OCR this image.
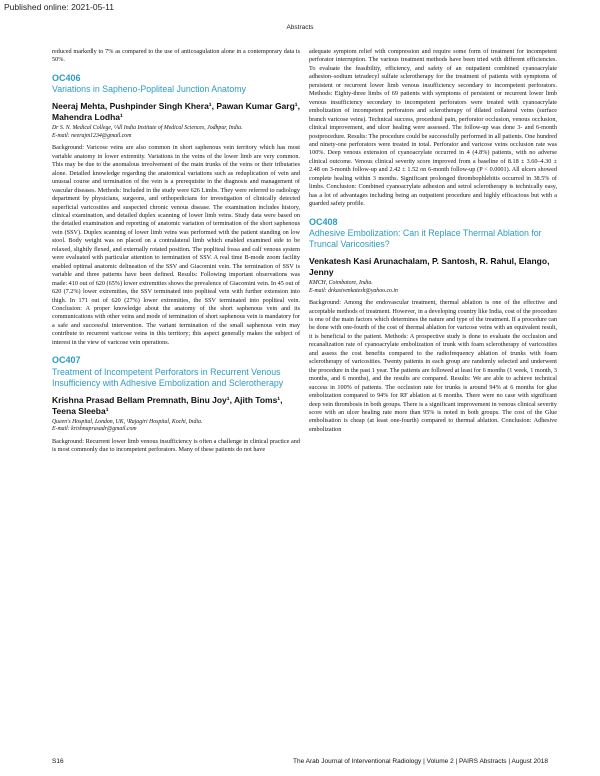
Published online: 2021-05-11
Abstracts

reduced markedly to 7% as compared to the use of anticoagulation alone in a contemporary data is 50%.

OC406
Variations in Sapheno-Popliteal Junction Anatomy
Neeraj Mehta, Pushpinder Singh Khera¹, Pawan Kumar Garg¹, Mahendra Lodha¹
Dr S. N. Medical College, ¹All India Institute of Medical Sciences, Jodhpur, India.
E-mail: neerajm1234@gmail.com

Background: Varicose veins are also common in short saphenous vein territory which has most variable anatomy in lower extremity. Variations in the veins of the lower limb are very common. This may be due to the anomalous involvement of the main trunks of the veins or their tributaries alone. Detailed knowledge regarding the anatomical variations such as reduplication of vein and unusual course and termination of the vein is a prerequisite in the diagnosis and management of vascular diseases. Methods: Included in the study were 626 Limbs. They were referred to radiology department by physicians, surgeons, and orthopedicians for investigation of clinically detected superficial varicosities and suspected chronic venous disease. The examination includes history, clinical examination, and detailed duplex scanning of lower limb veins. Study data were based on the detailed examination and reporting of anatomic variation of termination of the short saphenous vein (SSV). Duplex scanning of lower limb veins was performed with the patient standing on low stool. Body weight was on placed on a contralateral limb which enabled examined side to be relaxed, slightly flexed, and externally rotated position. The popliteal fossa and calf venous system were evaluated with particular attention to termination of SSV. A real time B-mode zoom facility enabled optimal anatomic delineation of the SSV and Giacomini vein. The termination of SSV is variable and three patterns have been defined. Results: Following important observations was made: 410 out of 620 (65%) lower extremities shows the prevalence of Giacomini vein. In 45 out of 620 (7.2%) lower extremities, the SSV terminated into popliteal vein with further extension into thigh. In 171 out of 620 (27%) lower extremities, the SSV terminated into popliteal vein. Conclusion: A proper knowledge about the anatomy of the short saphenous vein and its communications with other veins and mode of termination of short saphenous vein is mandatory for a safe and successful intervention. The variant termination of the small saphenous vein may contribute to recurrent varicose veins in this territory; this aspect generally makes the subject of interest in the view of varicose vein operations.

OC407
Treatment of Incompetent Perforators in Recurrent Venous Insufficiency with Adhesive Embolization and Sclerotherapy
Krishna Prasad Bellam Premnath, Binu Joy¹, Ajith Toms¹, Teena Sleeba¹
Queen's Hospital, London, UK, ¹Rajagiri Hospital, Kochi, India.
E-mail: krishnaprasadr@gmail.com

Background: Recurrent lower limb venous insufficiency is often a challenge in clinical practice and is most commonly due to incompetent perforators. Many of these patients do not have

adequate symptom relief with compression and require some form of treatment for incompetent perforator interruption. The various treatment methods have been tried with different efficiencies. To evaluate the feasibility, efficiency, and safety of an outpatient combined cyanoacrylate adhesion–sodium tetradecyl sulfate sclerotherapy for the treatment of patients with symptoms of persistent or recurrent lower limb venous insufficiency secondary to incompetent perforators. Methods: Eighty-three limbs of 69 patients with symptoms of persistent or recurrent lower limb venous insufficiency secondary to incompetent perforators were treated with cyanoacrylate embolization of incompetent perforators and sclerotherapy of dilated collateral veins (surface branch varicose veins). Technical success, procedural pain, perforator occlusion, venous occlusion, clinical improvement, and ulcer healing were assessed. The follow-up was done 3- and 6-month postprocedure. Results: The procedure could be successfully performed in all patients. One hundred and ninety-one perforators were treated in total. Perforator and varicose veins occlusion rate was 100%. Deep venous extension of cyanoacrylate occurred in 4 (4.8%) patients, with no adverse clinical outcome. Venous clinical severity score improved from a baseline of 8.18 ± 3.60–4.30 ± 2.48 on 3-month follow-up and 2.42 ± 1.52 on 6-month follow-up (P < 0.0001). All ulcers showed complete healing within 3 months. Significant prolonged thrombophlebitis occurred in 38.5% of limbs. Conclusion: Combined cyanoacrylate adhesion and setrol sclerotherapy is technically easy, has a lot of advantages including being an outpatient procedure and highly efficacious but with a guarded safety profile.

OC408
Adhesive Embolization: Can it Replace Thermal Ablation for Truncal Varicosities?
Venkatesh Kasi Arunachalam, P. Santosh, R. Rahul, Elango, Jenny
KMCH, Coimbatore, India.
E-mail: drkasivenkatesh@yahoo.co.in

Background: Among the endovascular treatment, thermal ablation is one of the effective and acceptable methods of treatment. However, in a developing country like India, cost of the procedure is one of the main factors which determines the nature and type of the treatment. If a procedure can be done with one-fourth of the cost of thermal ablation for varicose veins with an equivalent result, it is beneficial to the patient. Methods: A prospective study is done to evaluate the occlusion and recanalization rate of cyanoacrylate embolization of trunk with foam sclerotherapy of varicosities and assess the cost benefits compared to the radiofrequency ablation of trunks with foam sclerotherapy of varicosities. Twenty patients in each group are randomly selected and underwent the procedure in the past 1 year. The patients are followed at least for 6 months (1 week, 1 month, 3 months, and 6 months), and the results are compared. Results: We are able to achieve technical success in 100% of patients. The occlusion rate for trunks is around 94% at 6 months for glue embolization compared to 94% for RF ablation at 6 months. There were no case with significant deep vein thrombosis in both groups. There is a significant improvement in venous clinical severity score with an ulcer healing rate more than 95% is noted in both groups. The cost of the Glue embolisation is cheap (at least one-fourth) compared to thermal ablation. Conclusion: Adhesive embolization

S16	The Arab Journal of Interventional Radiology | Volume 2 | PAIRS Abstracts | August 2018
